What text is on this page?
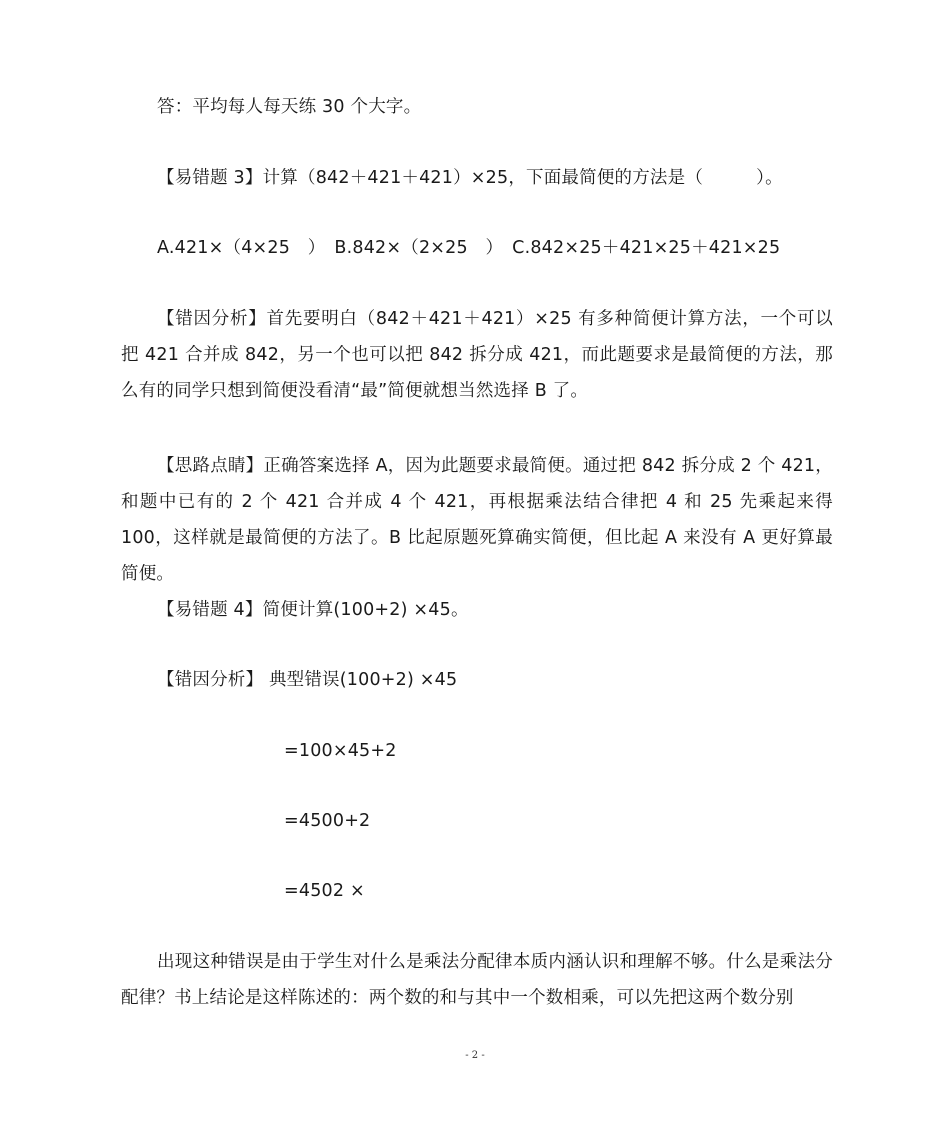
答：平均每人每天练 30 个大字。
【易错题 3】计算（842＋421＋421）×25，下面最简便的方法是（　　　）。
A.421×（4×25　）　B.842×（2×25　）　C.842×25＋421×25＋421×25
【错因分析】首先要明白（842＋421＋421）×25 有多种简便计算方法，一个可以把 421 合并成 842，另一个也可以把 842 拆分成 421，而此题要求是最简便的方法，那么有的同学只想到简便没看清“最”简便就想当然选择 B 了。
【思路点睛】正确答案选择 A，因为此题要求最简便。通过把 842 拆分成 2 个 421，和题中已有的 2 个 421 合并成 4 个 421，再根据乘法结合律把 4 和 25 先乘起来得 100，这样就是最简便的方法了。B 比起原题死算确实简便，但比起 A 来没有 A 更好算最简便。
【易错题 4】简便计算(100+2) ×45。
【错因分析】 典型错误(100+2) ×45
=100×45+2
=4500+2
=4502 ×
出现这种错误是由于学生对什么是乘法分配律本质内涵认识和理解不够。什么是乘法分配律？书上结论是这样陈述的：两个数的和与其中一个数相乘，可以先把这两个数分别
- 2 -
